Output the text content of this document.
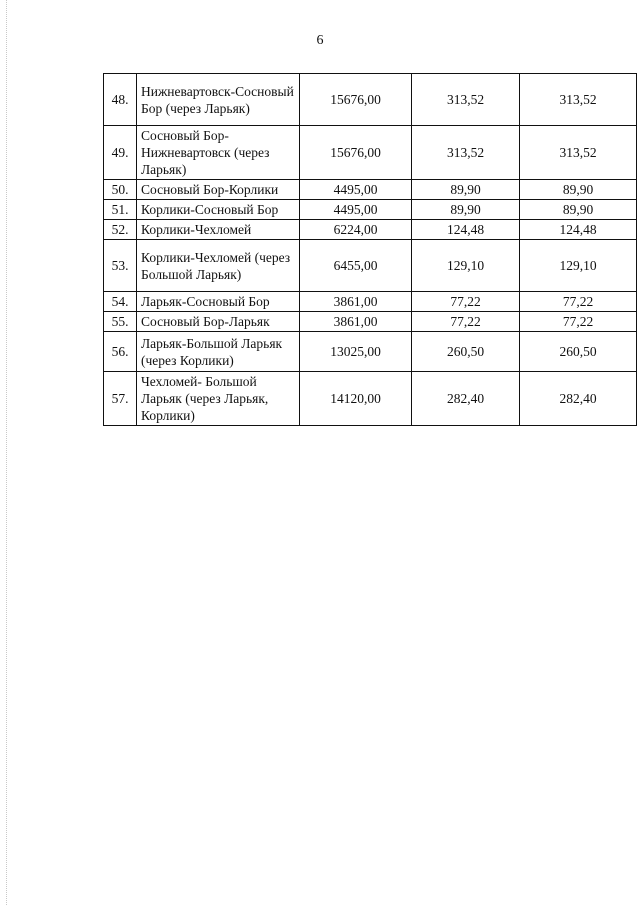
6
48.	Нижневартовск-Сосновый Бор (через Ларьяк)	15676,00	313,52	313,52
49.	Сосновый Бор-Нижневартовск (через Ларьяк)	15676,00	313,52	313,52
50.	Сосновый Бор-Корлики	4495,00	89,90	89,90
51.	Корлики-Сосновый Бор	4495,00	89,90	89,90
52.	Корлики-Чехломей	6224,00	124,48	124,48
53.	Корлики-Чехломей (через Большой Ларьяк)	6455,00	129,10	129,10
54.	Ларьяк-Сосновый Бор	3861,00	77,22	77,22
55.	Сосновый Бор-Ларьяк	3861,00	77,22	77,22
56.	Ларьяк-Большой Ларьяк (через Корлики)	13025,00	260,50	260,50
57.	Чехломей- Большой Ларьяк (через Ларьяк, Корлики)	14120,00	282,40	282,40
